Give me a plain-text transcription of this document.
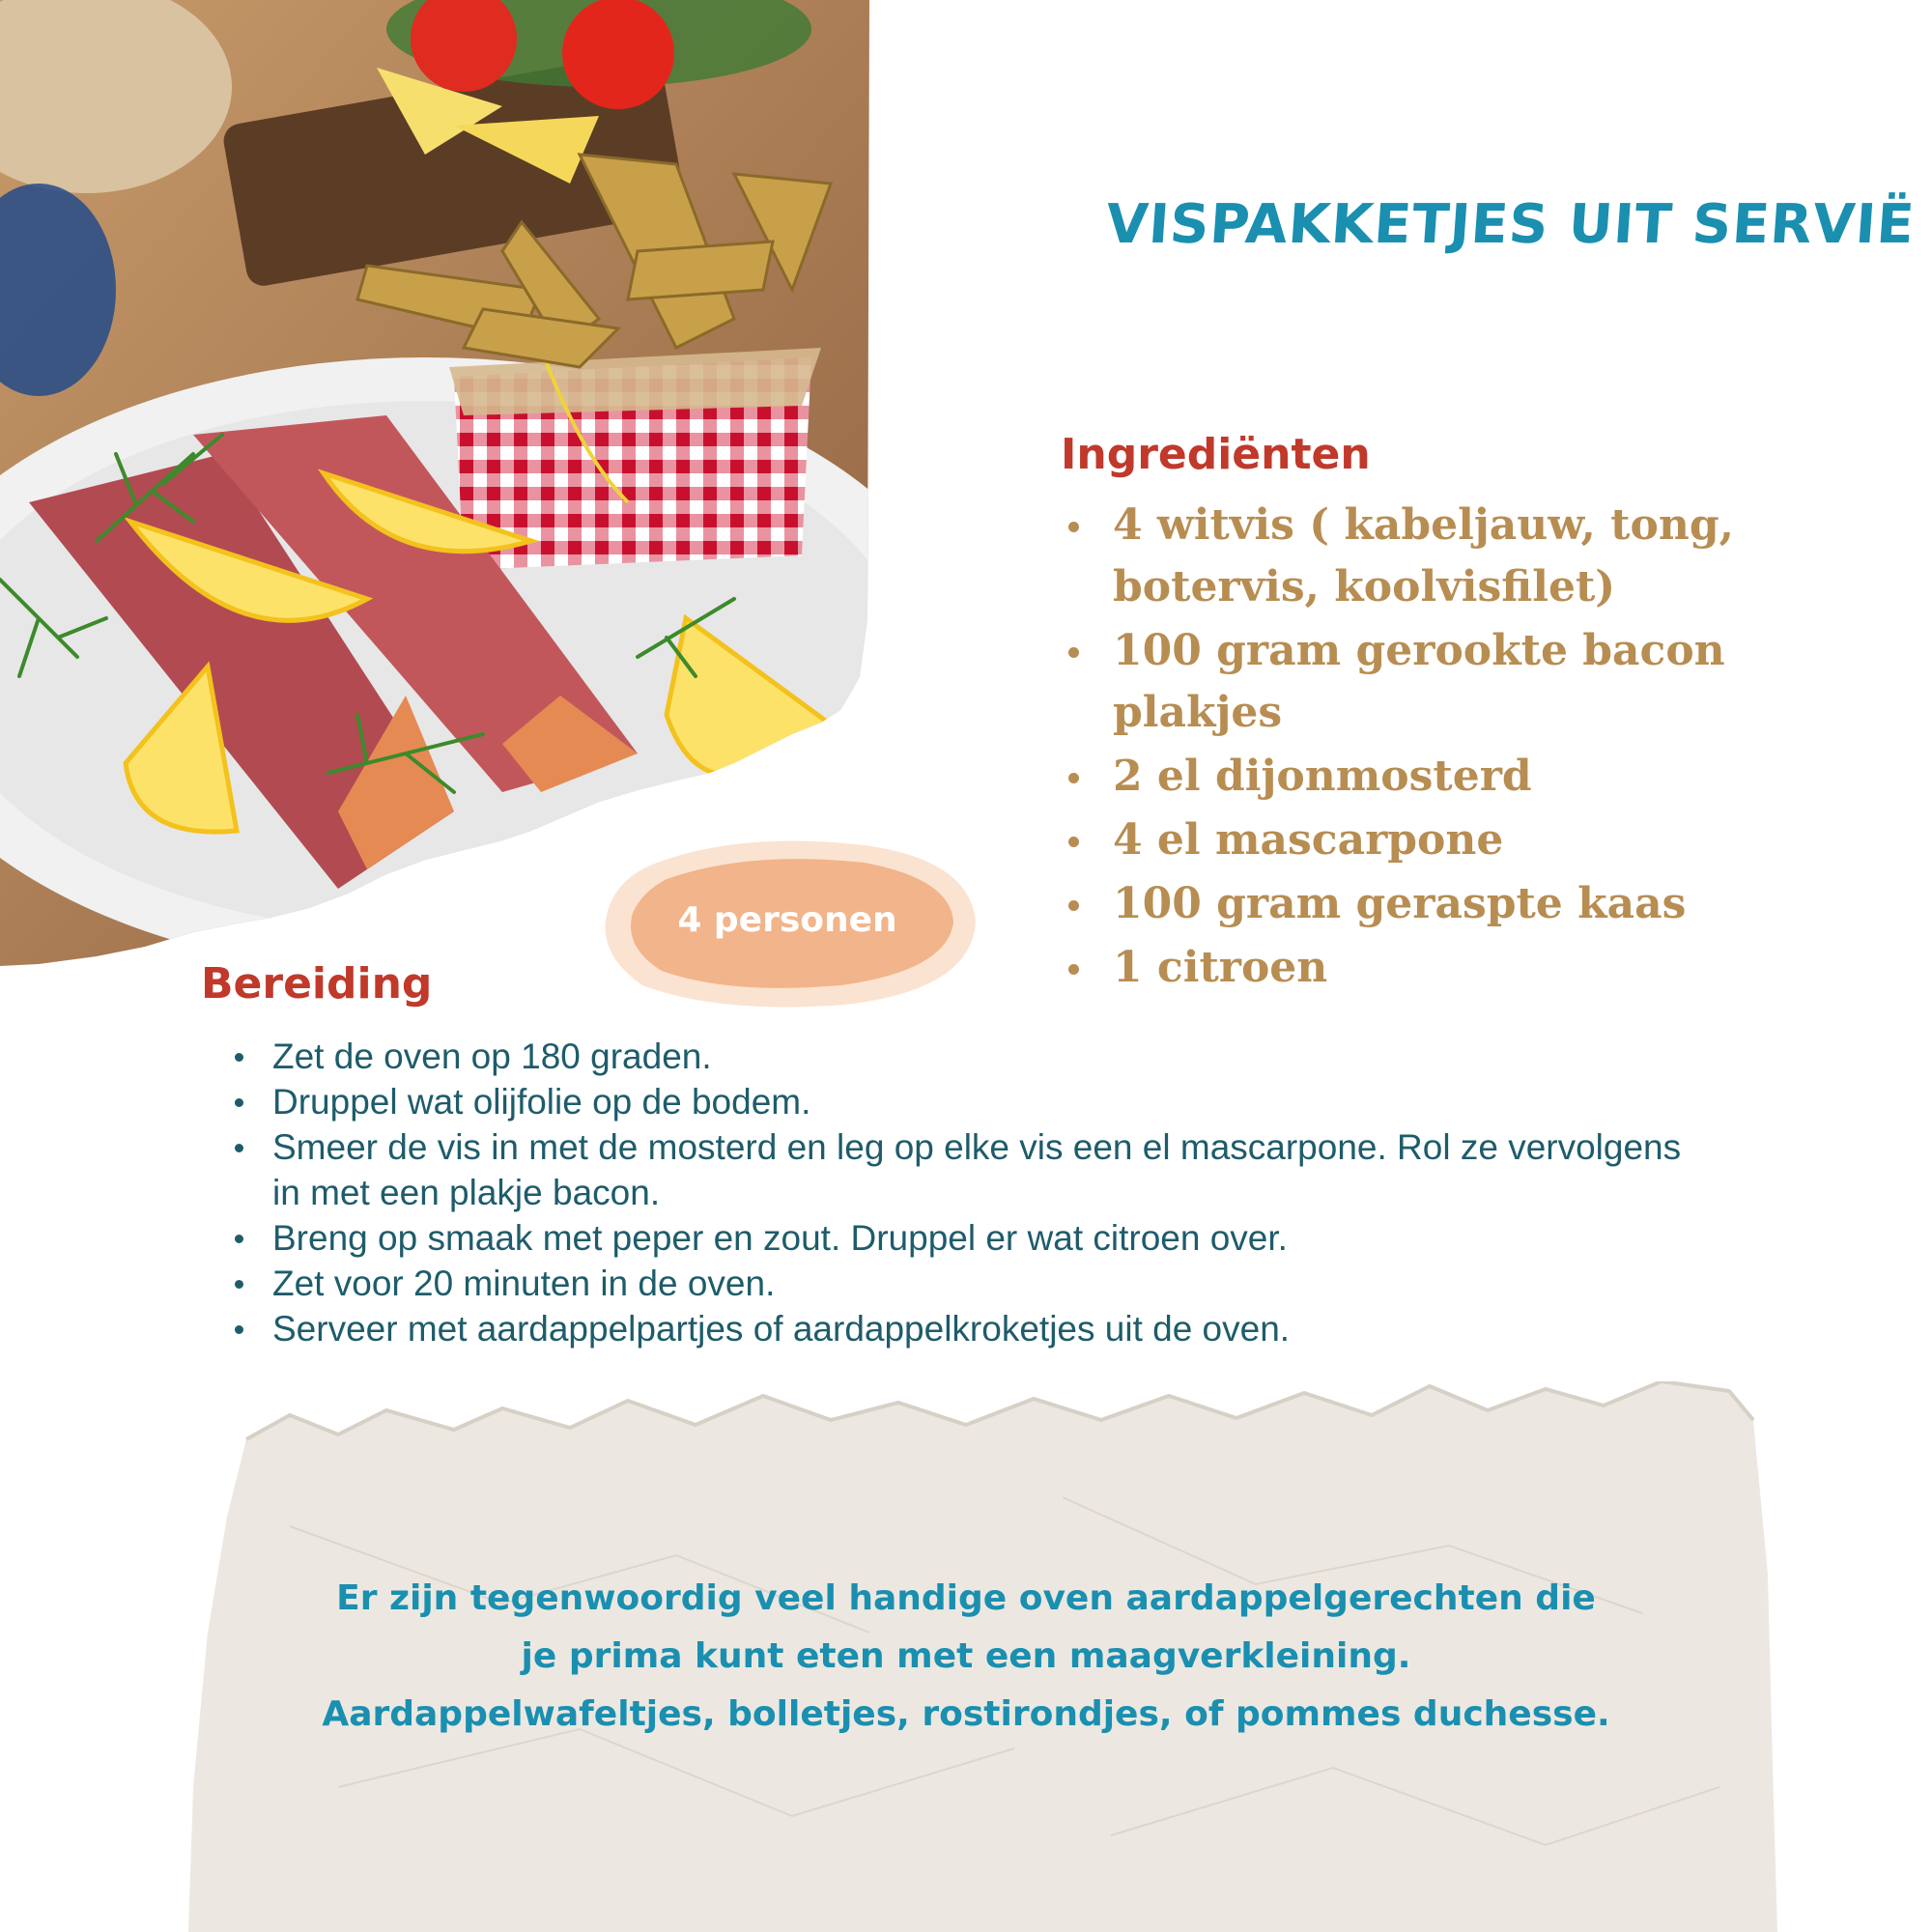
VISPAKKETJES UIT SERVIË
Ingrediënten
4 witvis ( kabeljauw, tong, botervis, koolvisfilet)
100 gram gerookte bacon plakjes
2 el dijonmosterd
4 el mascarpone
100 gram geraspte kaas
1 citroen
4 personen
Bereiding
Zet de oven op 180 graden.
Druppel wat olijfolie op de bodem.
Smeer de vis in met de mosterd en leg op elke vis een el mascarpone. Rol ze vervolgens in met een plakje bacon.
Breng op smaak met peper en zout. Druppel er wat citroen over.
Zet voor 20 minuten in de oven.
Serveer met aardappelpartjes of aardappelkroketjes uit de oven.
Er zijn tegenwoordig veel handige oven aardappelgerechten die je prima kunt eten met een maagverkleining. Aardappelwafeltjes, bolletjes, rostirondjes, of pommes duchesse.
